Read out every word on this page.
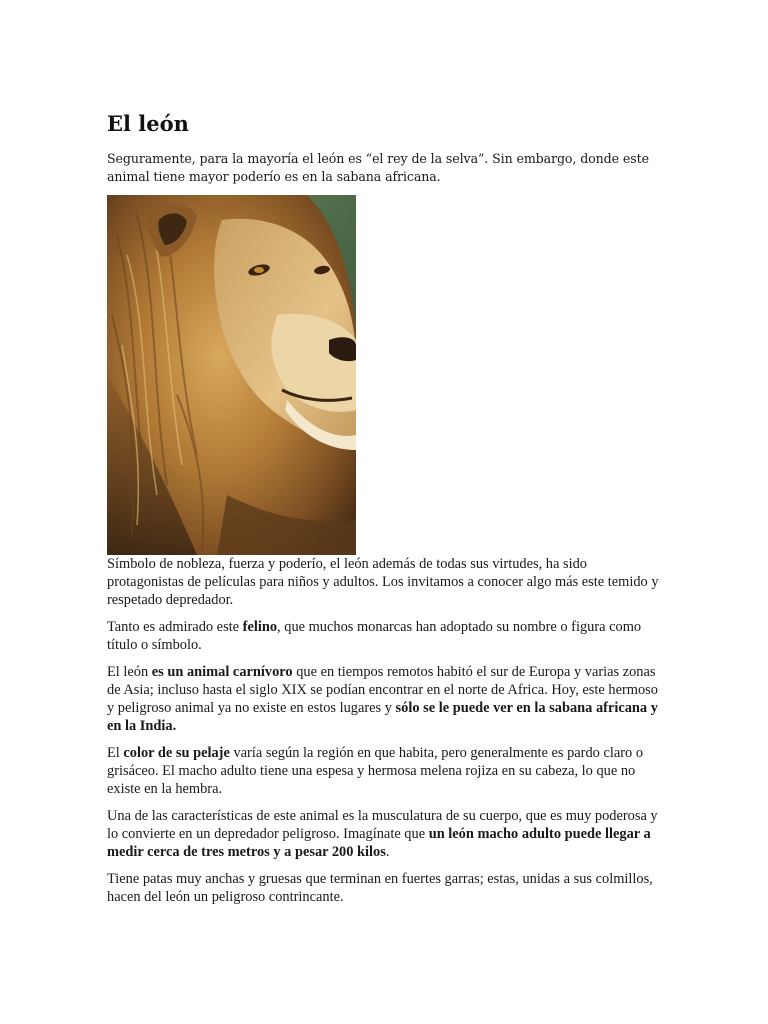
El león

Seguramente, para la mayoría el león es “el rey de la selva”. Sin embargo, donde este animal tiene mayor poderío es en la sabana africana.

Símbolo de nobleza, fuerza y poderío, el león además de todas sus virtudes, ha sido protagonistas de películas para niños y adultos. Los invitamos a conocer algo más este temido y respetado depredador.

Tanto es admirado este felino, que muchos monarcas han adoptado su nombre o figura como título o símbolo.

El león es un animal carnívoro que en tiempos remotos habitó el sur de Europa y varias zonas de Asia; incluso hasta el siglo XIX se podían encontrar en el norte de Africa. Hoy, este hermoso y peligroso animal ya no existe en estos lugares y sólo se le puede ver en la sabana africana y en la India.

El color de su pelaje varía según la región en que habita, pero generalmente es pardo claro o grisáceo. El macho adulto tiene una espesa y hermosa melena rojiza en su cabeza, lo que no existe en la hembra.

Una de las características de este animal es la musculatura de su cuerpo, que es muy poderosa y lo convierte en un depredador peligroso. Imagínate que un león macho adulto puede llegar a medir cerca de tres metros y a pesar 200 kilos.

Tiene patas muy anchas y gruesas que terminan en fuertes garras; estas, unidas a sus colmillos, hacen del león un peligroso contrincante.
